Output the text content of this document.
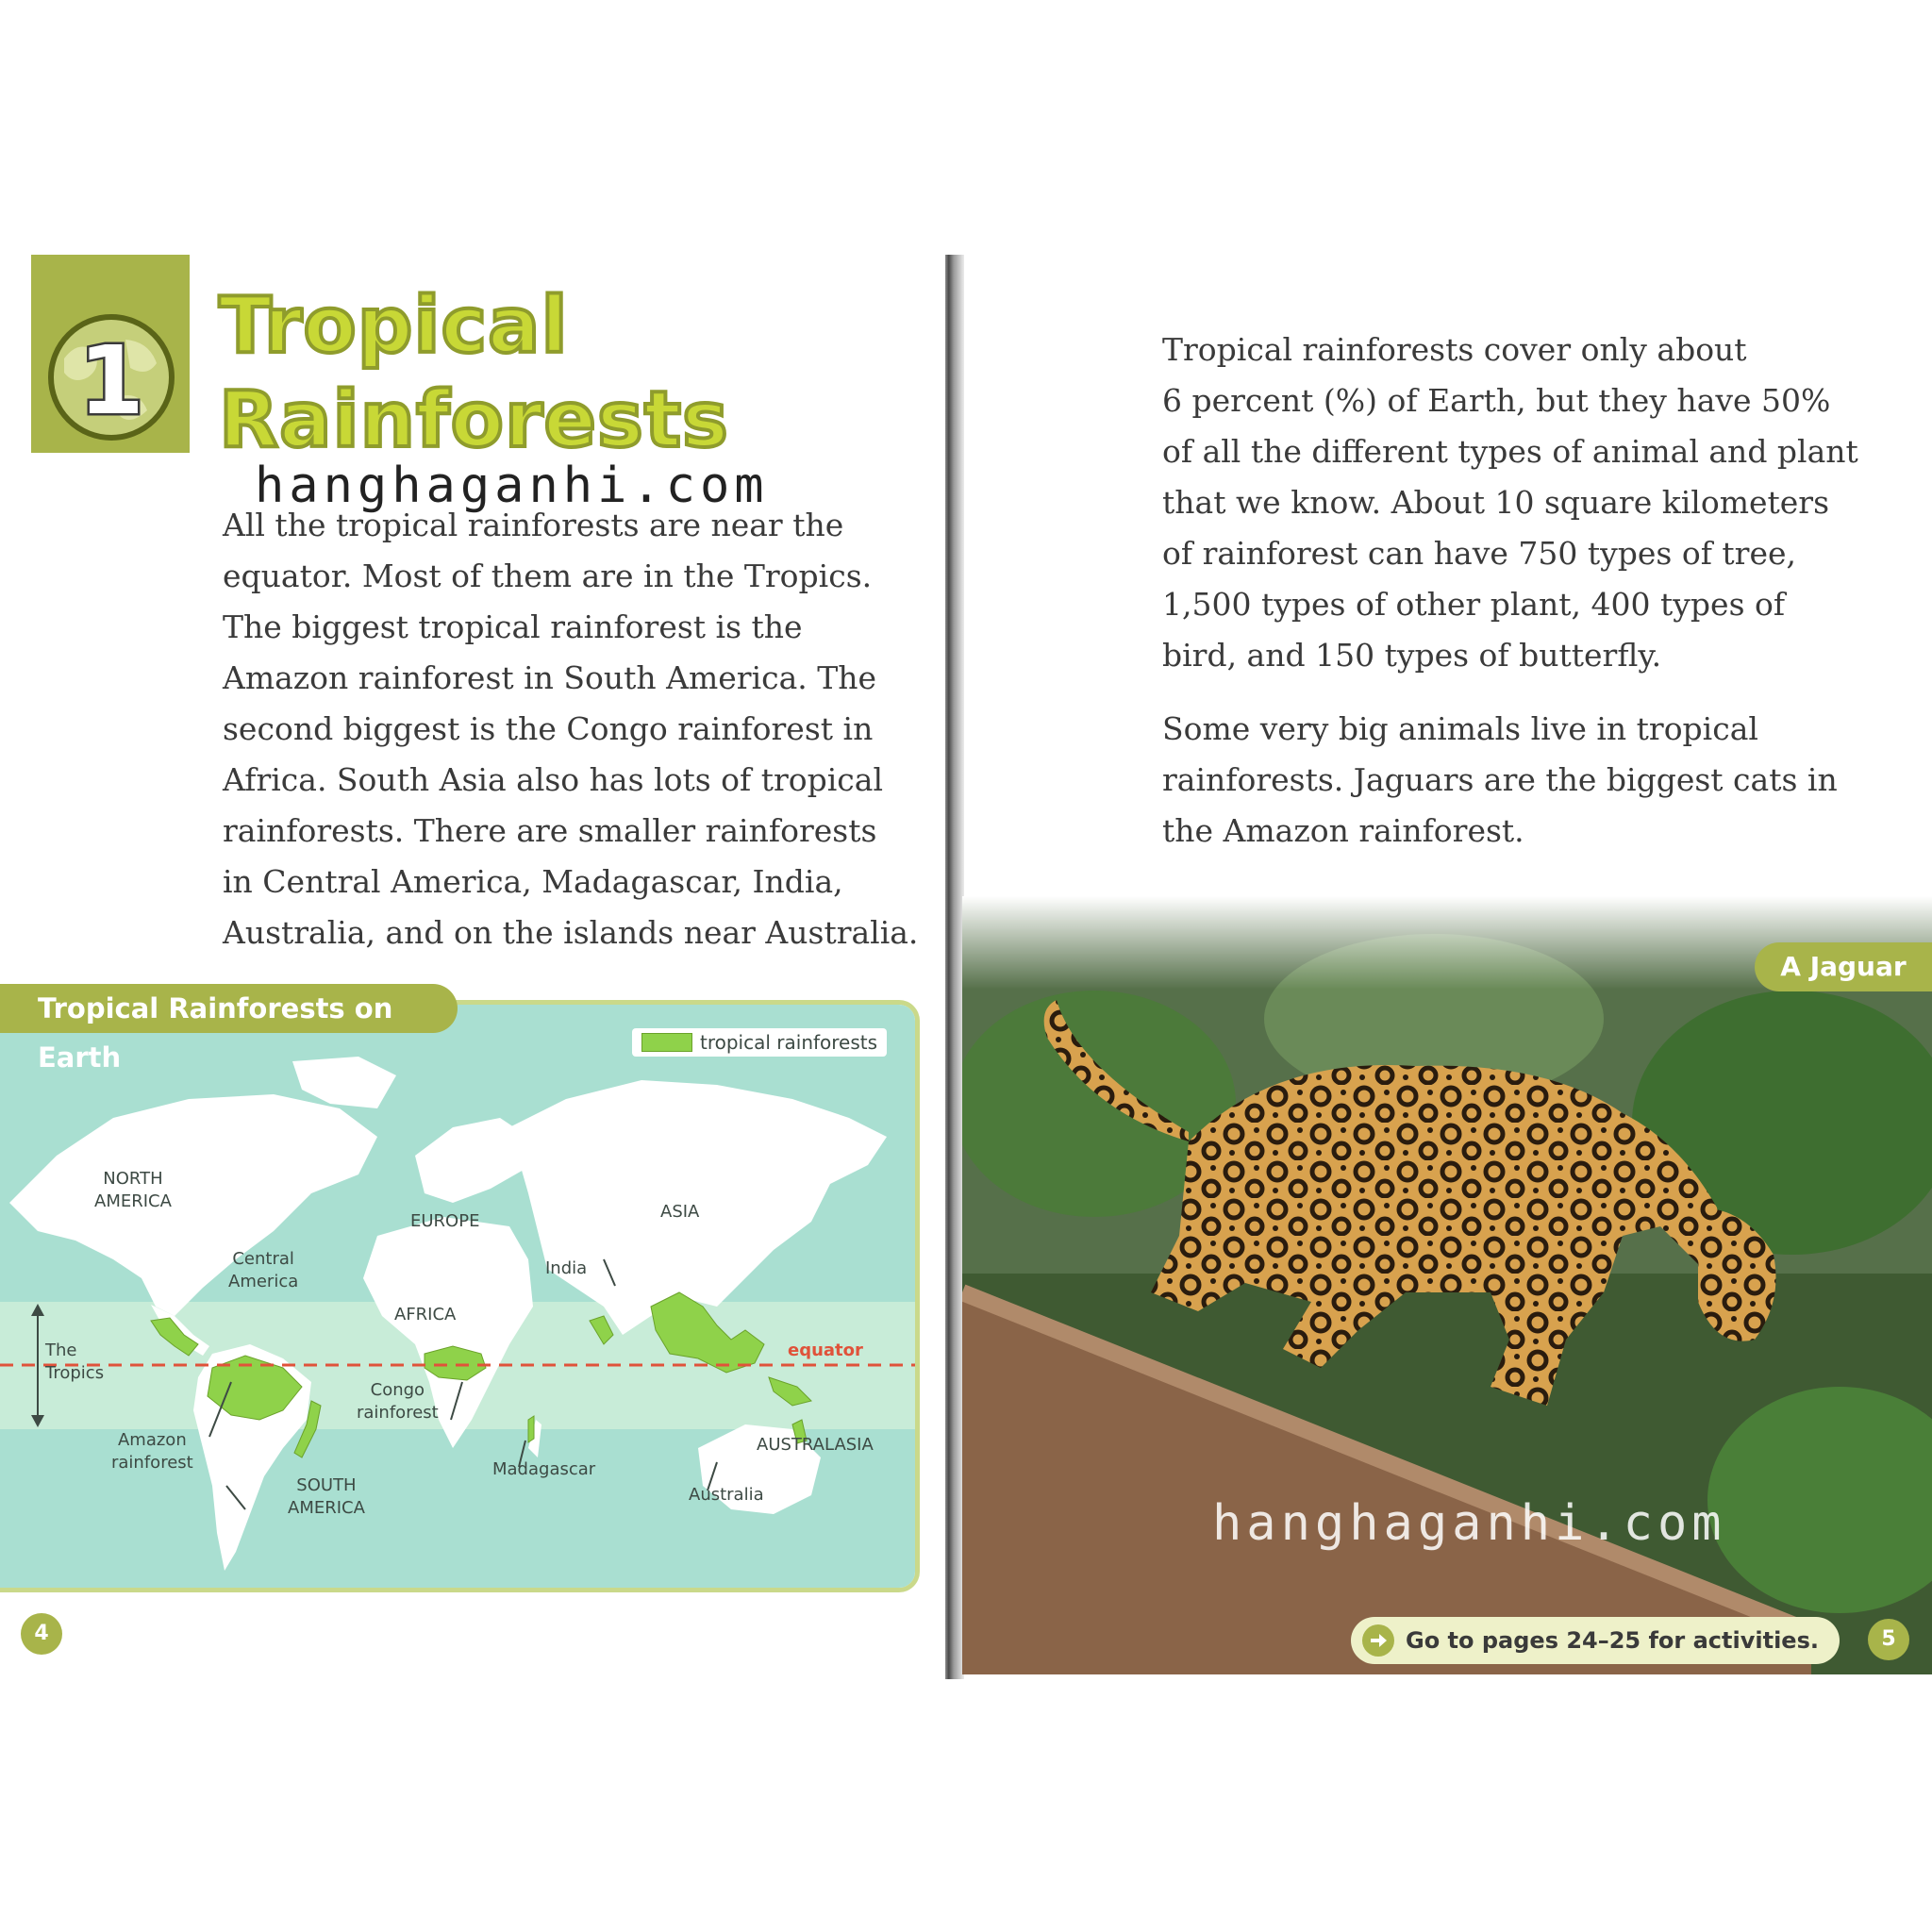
1 Tropical
Rainforests
hanghaganhi.com

All the tropical rainforests are near the
equator. Most of them are in the Tropics.
The biggest tropical rainforest is the
Amazon rainforest in South America. The
second biggest is the Congo rainforest in
Africa. South Asia also has lots of tropical
rainforests. There are smaller rainforests
in Central America, Madagascar, India,
Australia, and on the islands near Australia.

Tropical Rainforests on Earth	tropical rainforests
NORTH
AMERICA
Central
America
EUROPE	ASIA
India
AFRICA
The
Tropics
equator
Congo
rainforest
Amazon
rainforest
SOUTH
AMERICA
Madagascar
AUSTRALASIA
Australia
4

Tropical rainforests cover only about
6 percent (%) of Earth, but they have 50%
of all the different types of animal and plant
that we know. About 10 square kilometers
of rainforest can have 750 types of tree,
1,500 types of other plant, 400 types of
bird, and 150 types of butterfly.

Some very big animals live in tropical
rainforests. Jaguars are the biggest cats in
the Amazon rainforest.

A Jaguar
hanghaganhi.com
Go to pages 24–25 for activities.	5
